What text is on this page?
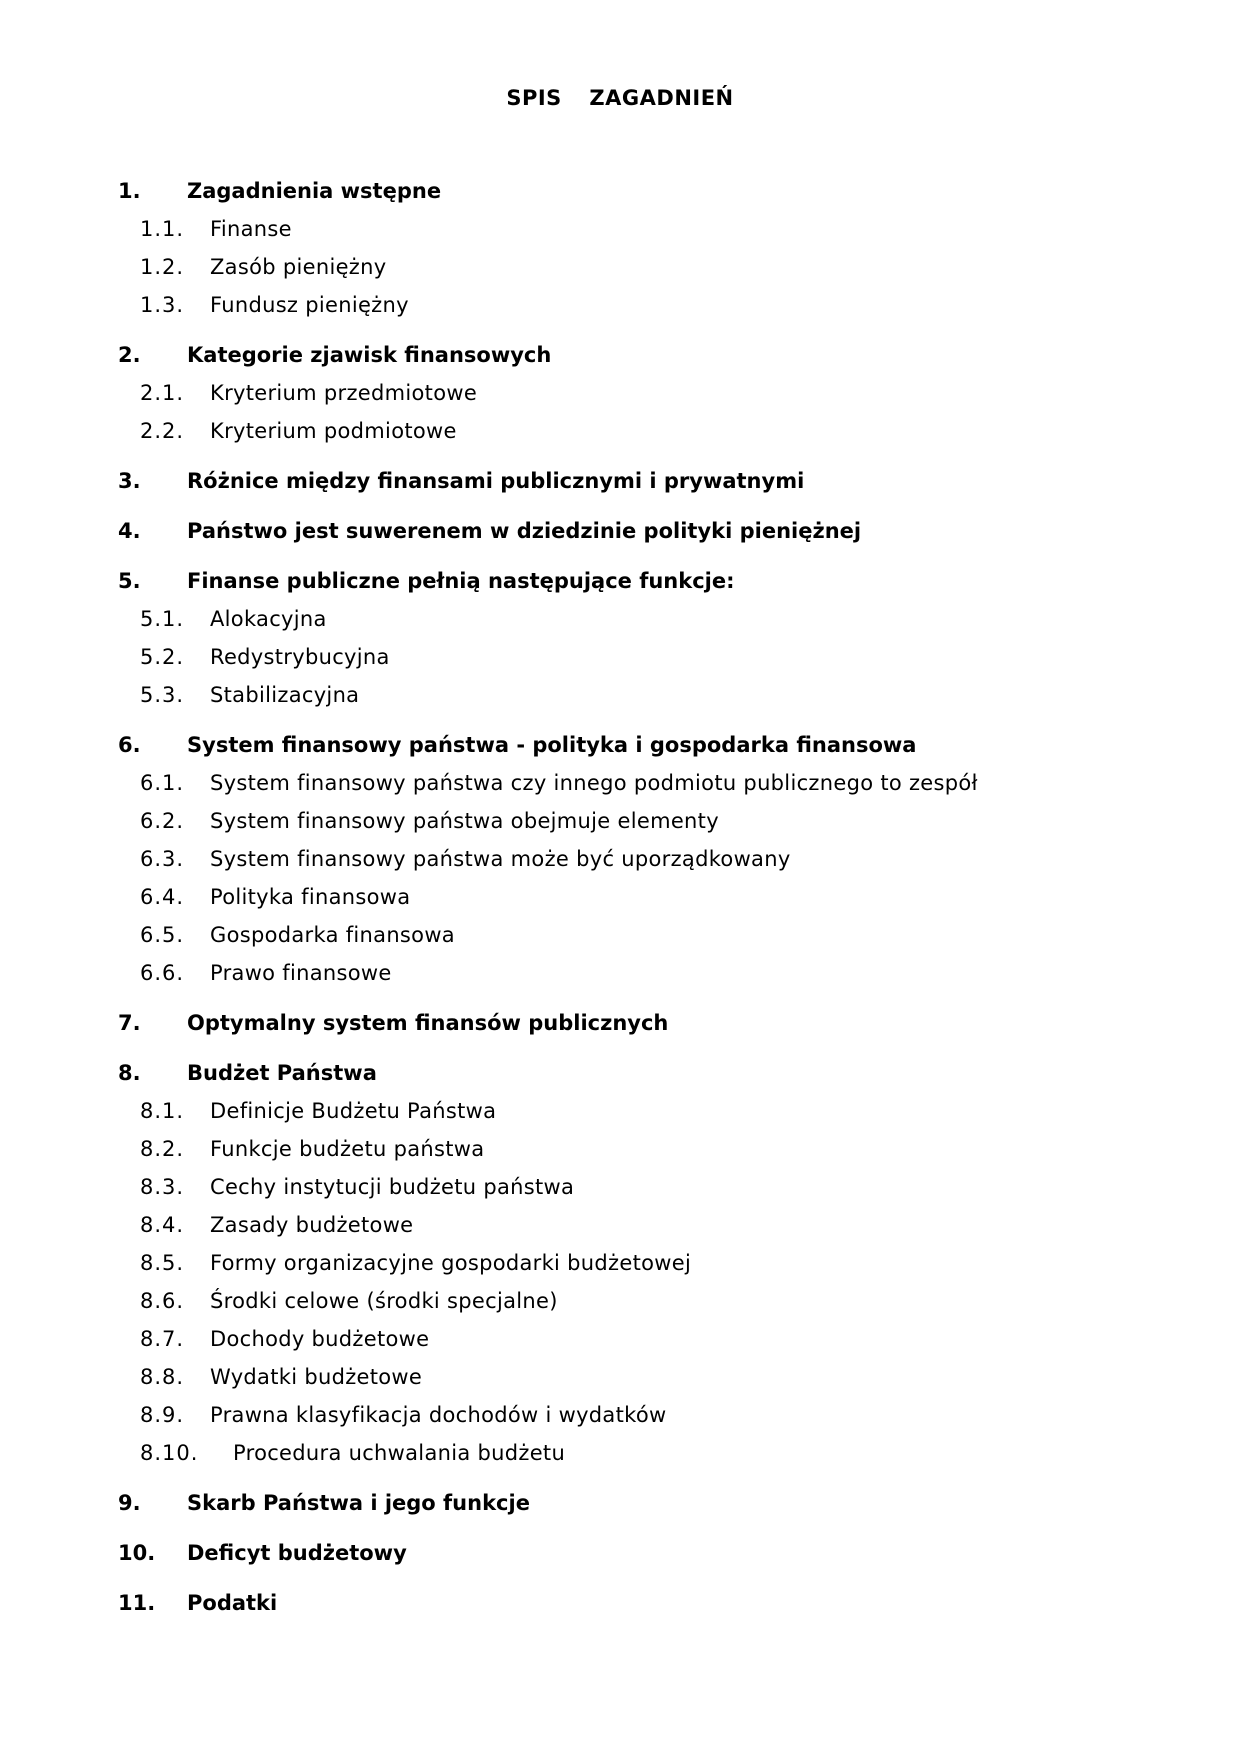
SPIS  ZAGADNIEŃ
1. Zagadnienia wstępne
1.1. Finanse
1.2. Zasób pieniężny
1.3. Fundusz pieniężny
2. Kategorie zjawisk finansowych
2.1. Kryterium przedmiotowe
2.2. Kryterium podmiotowe
3. Różnice między finansami publicznymi i prywatnymi
4. Państwo jest suwerenem w dziedzinie polityki pieniężnej
5. Finanse publiczne pełnią następujące funkcje:
5.1. Alokacyjna
5.2. Redystrybucyjna
5.3. Stabilizacyjna
6. System finansowy państwa - polityka i gospodarka finansowa
6.1. System finansowy państwa czy innego podmiotu publicznego to zespół
6.2. System finansowy państwa obejmuje elementy
6.3. System finansowy państwa może być uporządkowany
6.4. Polityka finansowa
6.5. Gospodarka finansowa
6.6. Prawo finansowe
7. Optymalny system finansów publicznych
8. Budżet Państwa
8.1. Definicje Budżetu Państwa
8.2. Funkcje budżetu państwa
8.3. Cechy instytucji budżetu państwa
8.4. Zasady budżetowe
8.5. Formy organizacyjne gospodarki budżetowej
8.6. Środki celowe (środki specjalne)
8.7. Dochody budżetowe
8.8. Wydatki budżetowe
8.9. Prawna klasyfikacja dochodów i wydatków
8.10. Procedura uchwalania budżetu
9. Skarb Państwa i jego funkcje
10. Deficyt budżetowy
11. Podatki
